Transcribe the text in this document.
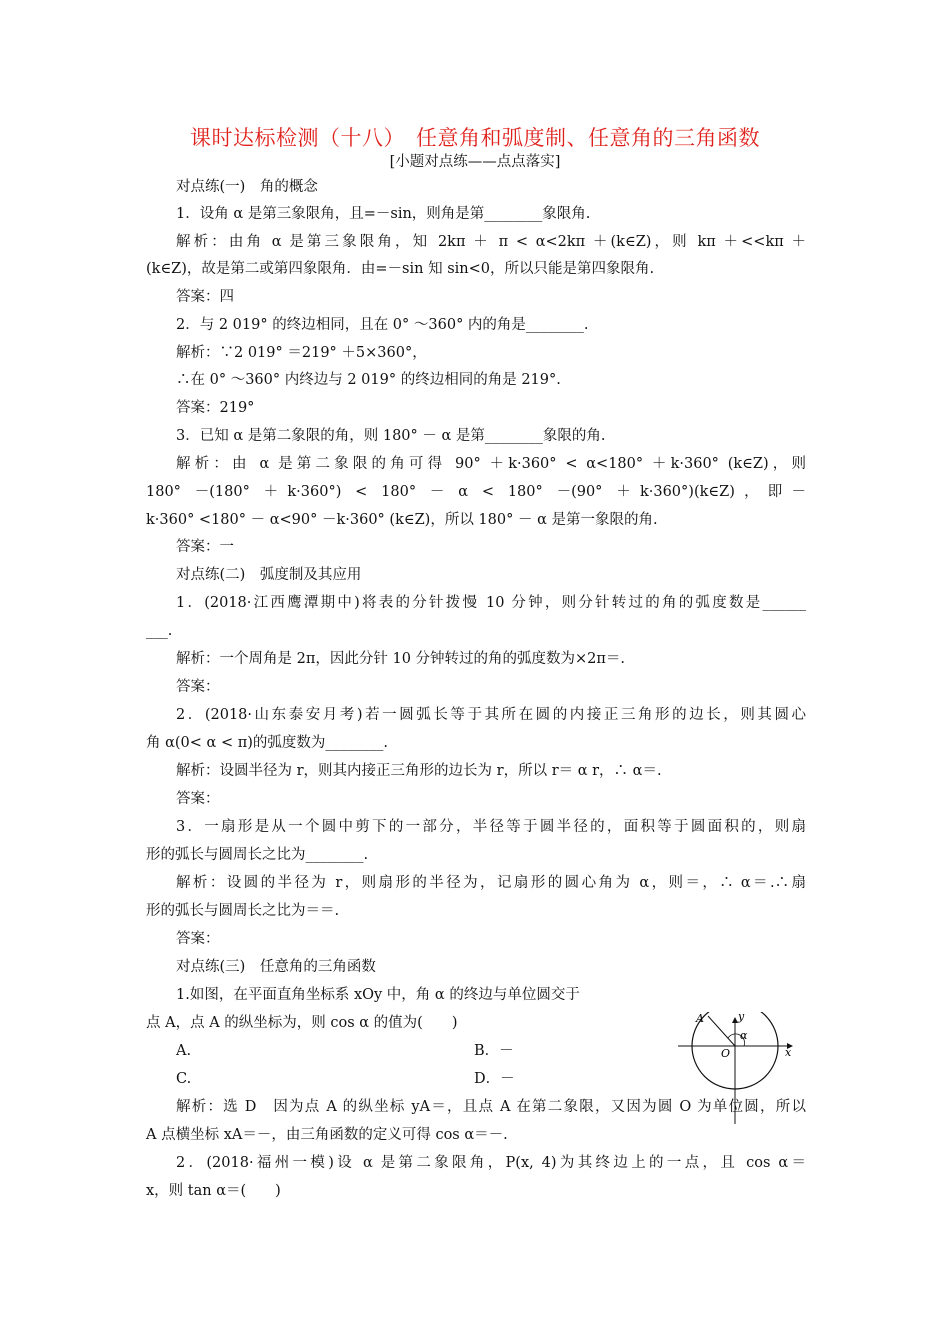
课时达标检测（十八）　任意角和弧度制、任意角的三角函数
[小题对点练——点点落实]
对点练(一)　角的概念
1．设角 α 是第三象限角，且=－sin，则角是第________象限角.
解析：由角 α 是第三象限角，知 2kπ ＋ π < α<2kπ ＋(k∈Z)，则 kπ ＋<<kπ ＋
(k∈Z)，故是第二或第四象限角．由=－sin 知 sin<0，所以只能是第四象限角.
答案：四
2．与 2 019° 的终边相同，且在 0° ～360° 内的角是________.
解析：∵2 019° ＝219° ＋5×360°，
∴在 0° ～360° 内终边与 2 019° 的终边相同的角是 219°.
答案：219°
3．已知 α 是第二象限的角，则 180° － α 是第________象限的角.
解析：由 α 是第二象限的角可得 90° ＋k·360° < α<180° ＋k·360° (k∈Z)，则
180° －(180° ＋k·360°) < 180° － α < 180° －(90° ＋k·360°)(k∈Z)，即－
k·360° <180° － α<90° －k·360° (k∈Z)，所以 180° － α 是第一象限的角.
答案：一
对点练(二)　弧度制及其应用
1．(2018·江西鹰潭期中)将表的分针拨慢 10 分钟，则分针转过的角的弧度数是______
___.
解析：一个周角是 2π，因此分针 10 分钟转过的角的弧度数为×2π＝.
答案：
2．(2018·山东泰安月考)若一圆弧长等于其所在圆的内接正三角形的边长，则其圆心
角 α(0< α < π)的弧度数为________.
解析：设圆半径为 r，则其内接正三角形的边长为 r，所以 r＝ α r，∴ α＝.
答案：
3．一扇形是从一个圆中剪下的一部分，半径等于圆半径的，面积等于圆面积的，则扇
形的弧长与圆周长之比为________.
解析：设圆的半径为 r，则扇形的半径为，记扇形的圆心角为 α，则＝，∴ α＝.∴扇
形的弧长与圆周长之比为＝＝.
答案：
对点练(三)　任意角的三角函数
1.如图，在平面直角坐标系 xOy 中，角 α 的终边与单位圆交于
点 A，点 A 的纵坐标为，则 cos α 的值为(　　)
A.
C.
解析：选 D　因为点 A 的纵坐标 yA＝，且点 A 在第二象限，又因为圆 O 为单位圆，所以
A 点横坐标 xA＝－，由三角函数的定义可得 cos α＝－.
2．(2018·福州一模)设 α 是第二象限角，P(x, 4)为其终边上的一点，且 cos α＝
x，则 tan α＝(　　)
B．－
D．－
y
x
O
A
α
